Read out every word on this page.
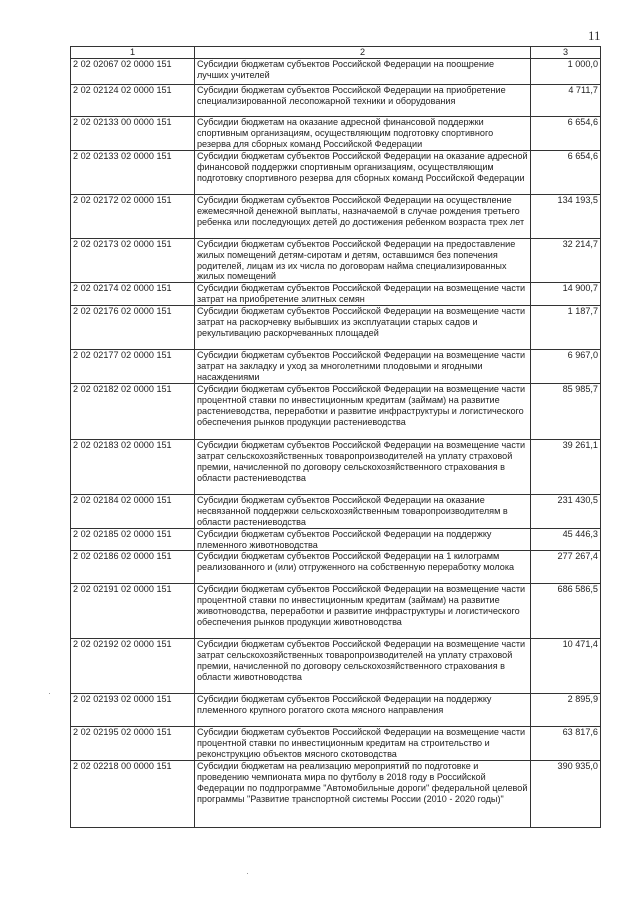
11
1	2	3
2 02 02067 02 0000 151	Субсидии бюджетам субъектов Российской Федерации на поощрение лучших учителей	1 000,0
2 02 02124 02 0000 151	Субсидии бюджетам субъектов Российской Федерации на приобретение специализированной лесопожарной техники и оборудования	4 711,7
2 02 02133 00 0000 151	Субсидии бюджетам на оказание адресной финансовой поддержки спортивным организациям, осуществляющим подготовку спортивного резерва для сборных команд Российской Федерации	6 654,6
2 02 02133 02 0000 151	Субсидии бюджетам субъектов Российской Федерации на оказание адресной финансовой поддержки спортивным организациям, осуществляющим подготовку спортивного резерва для сборных команд Российской Федерации	6 654,6
2 02 02172 02 0000 151	Субсидии бюджетам субъектов Российской Федерации на осуществление ежемесячной денежной выплаты, назначаемой в случае рождения третьего ребенка или последующих детей до достижения ребенком возраста трех лет	134 193,5
2 02 02173 02 0000 151	Субсидии бюджетам субъектов Российской Федерации на предоставление жилых помещений детям-сиротам и детям, оставшимся без попечения родителей, лицам из их числа по договорам найма специализированных жилых помещений	32 214,7
2 02 02174 02 0000 151	Субсидии бюджетам субъектов Российской Федерации на возмещение части затрат на приобретение элитных семян	14 900,7
2 02 02176 02 0000 151	Субсидии бюджетам субъектов Российской Федерации на возмещение части затрат на раскорчевку выбывших из эксплуатации старых садов и рекультивацию раскорчеванных площадей	1 187,7
2 02 02177 02 0000 151	Субсидии бюджетам субъектов Российской Федерации на возмещение части затрат на закладку и уход за многолетними плодовыми и ягодными насаждениями	6 967,0
2 02 02182 02 0000 151	Субсидии бюджетам субъектов Российской Федерации на возмещение части процентной ставки по инвестиционным кредитам (займам) на развитие растениеводства, переработки и развитие инфраструктуры и логистического обеспечения рынков продукции растениеводства	85 985,7
2 02 02183 02 0000 151	Субсидии бюджетам субъектов Российской Федерации на возмещение части затрат сельскохозяйственных товаропроизводителей на уплату страховой премии, начисленной по договору сельскохозяйственного страхования в области растениеводства	39 261,1
2 02 02184 02 0000 151	Субсидии бюджетам субъектов Российской Федерации на оказание несвязанной поддержки сельскохозяйственным товаропроизводителям в области растениеводства	231 430,5
2 02 02185 02 0000 151	Субсидии бюджетам субъектов Российской Федерации на поддержку племенного животноводства	45 446,3
2 02 02186 02 0000 151	Субсидии бюджетам субъектов Российской Федерации на 1 килограмм реализованного и (или) отгруженного на собственную переработку молока	277 267,4
2 02 02191 02 0000 151	Субсидии бюджетам субъектов Российской Федерации на возмещение части процентной ставки по инвестиционным кредитам (займам) на развитие животноводства, переработки и развитие инфраструктуры и логистического обеспечения рынков продукции животноводства	686 586,5
2 02 02192 02 0000 151	Субсидии бюджетам субъектов Российской Федерации на возмещение части затрат сельскохозяйственных товаропроизводителей на уплату страховой премии, начисленной по договору сельскохозяйственного страхования в области животноводства	10 471,4
2 02 02193 02 0000 151	Субсидии бюджетам субъектов Российской Федерации на поддержку племенного крупного рогатого скота мясного направления	2 895,9
2 02 02195 02 0000 151	Субсидии бюджетам субъектов Российской Федерации на возмещение части процентной ставки по инвестиционным кредитам на строительство и реконструкцию объектов мясного скотоводства	63 817,6
2 02 02218 00 0000 151	Субсидии бюджетам на реализацию мероприятий по подготовке и проведению чемпионата мира по футболу в 2018 году в Российской Федерации по подпрограмме "Автомобильные дороги" федеральной целевой программы "Развитие транспортной системы России (2010 - 2020 годы)"	390 935,0
·
·
